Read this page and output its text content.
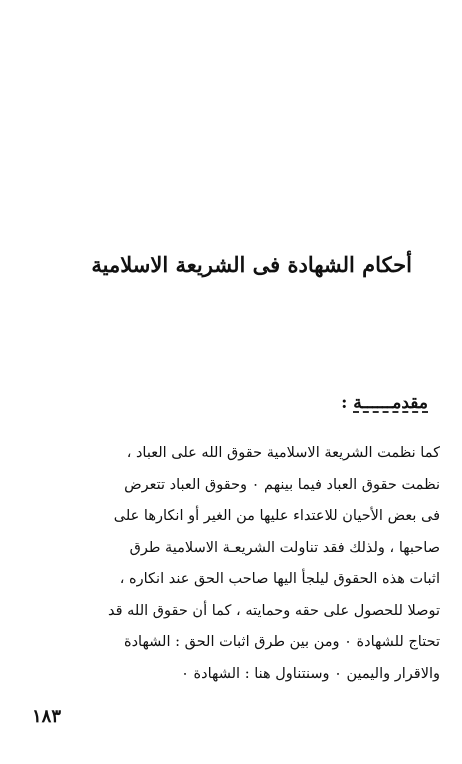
أحكام الشهادة فى الشريعة الاسلامية
مقدمــــــة :
كما نظمت الشريعة الاسلامية حقوق الله على العباد ،
نظمت حقوق العباد فيما بينهم ٠ وحقوق العباد تتعرض
فى بعض الأحيان للاعتداء عليها من الغير أو انكارها على
صاحبها ، ولذلك فقد تناولت الشريعـة الاسلامية طرق
اثبات هذه الحقوق ليلجأ اليها صاحب الحق عند انكاره ،
توصلا للحصول على حقه وحمايته ، كما أن حقوق الله قد
تحتاج للشهادة ٠ ومن بين طرق اثبات الحق : الشهادة
والاقرار واليمين ٠ وسنتناول هنا : الشهادة ٠
١٨٣
